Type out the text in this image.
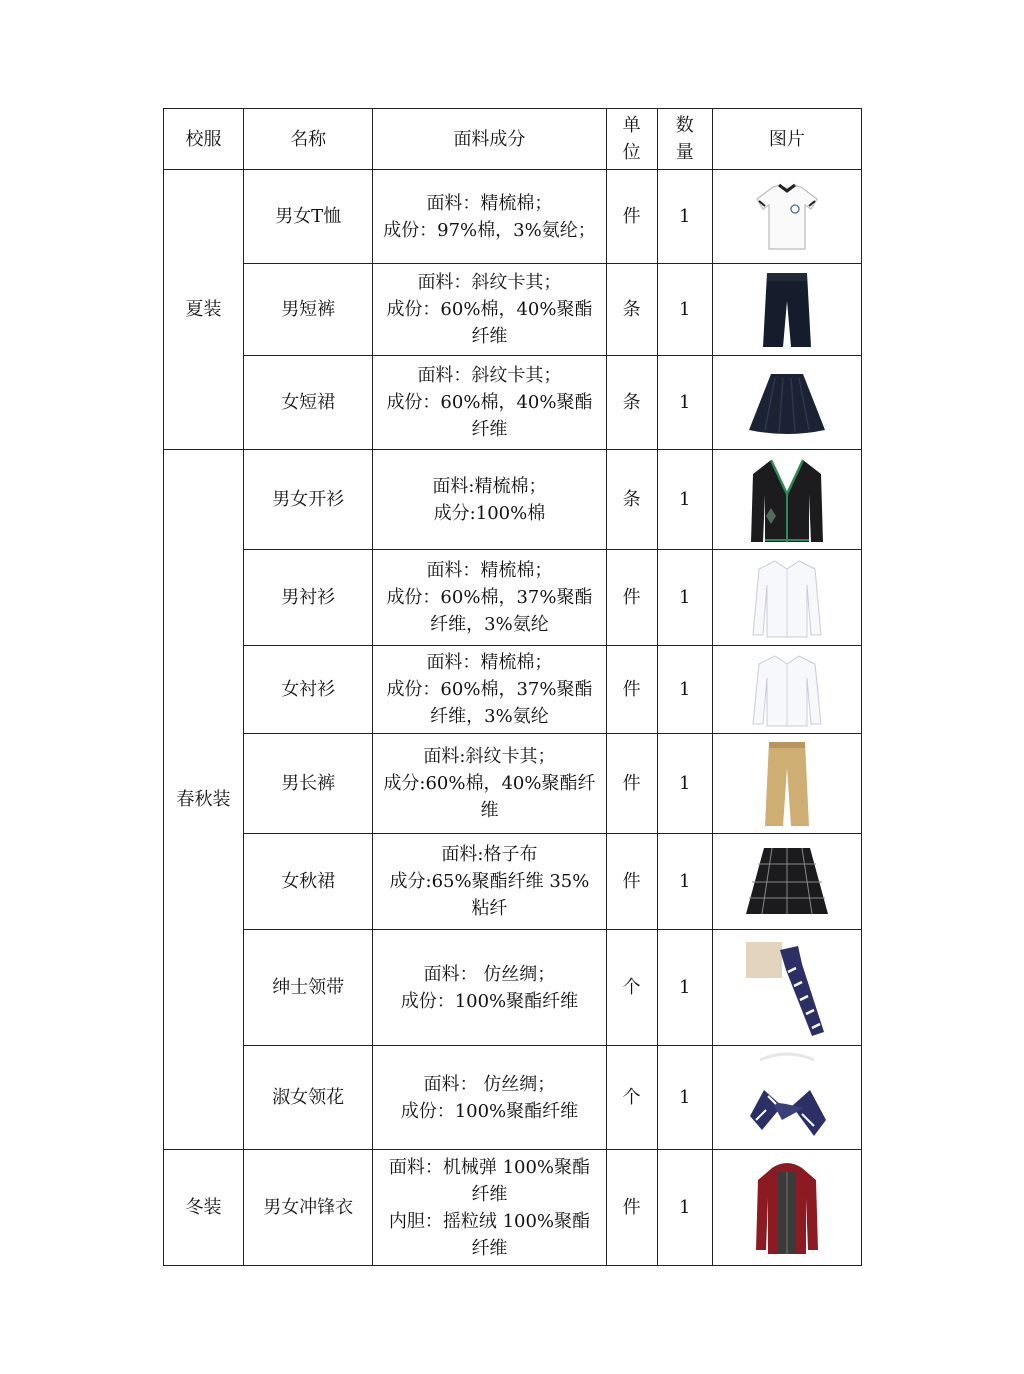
校服	名称	面料成分	单位	数量	图片
夏装	男女T恤	面料：精梳棉；
成份：97%棉，3%氨纶；	件	1	

	男短裤	面料：斜纹卡其；
成份：60%棉，40%聚酯
纤维	条	1	

	女短裙	面料：斜纹卡其；
成份：60%棉，40%聚酯
纤维	条	1	

春秋装	男女开衫	面料:精梳棉；
成分:100%棉	条	1	

	男衬衫	面料：精梳棉；
成份：60%棉，37%聚酯
纤维，3%氨纶	件	1	

	女衬衫	面料：精梳棉；
成份：60%棉，37%聚酯
纤维，3%氨纶	件	1	

	男长裤	面料:斜纹卡其；
成分:60%棉，40%聚酯纤
维	件	1	

	女秋裙	面料:格子布
成分:65%聚酯纤维 35%
粘纤	件	1	

	绅士领带	面料： 仿丝绸；
成份：100%聚酯纤维	个	1	

	淑女领花	面料： 仿丝绸；
成份：100%聚酯纤维	个	1	

冬装	男女冲锋衣	面料：机械弹 100%聚酯
纤维
内胆：摇粒绒 100%聚酯
纤维	件	1	
